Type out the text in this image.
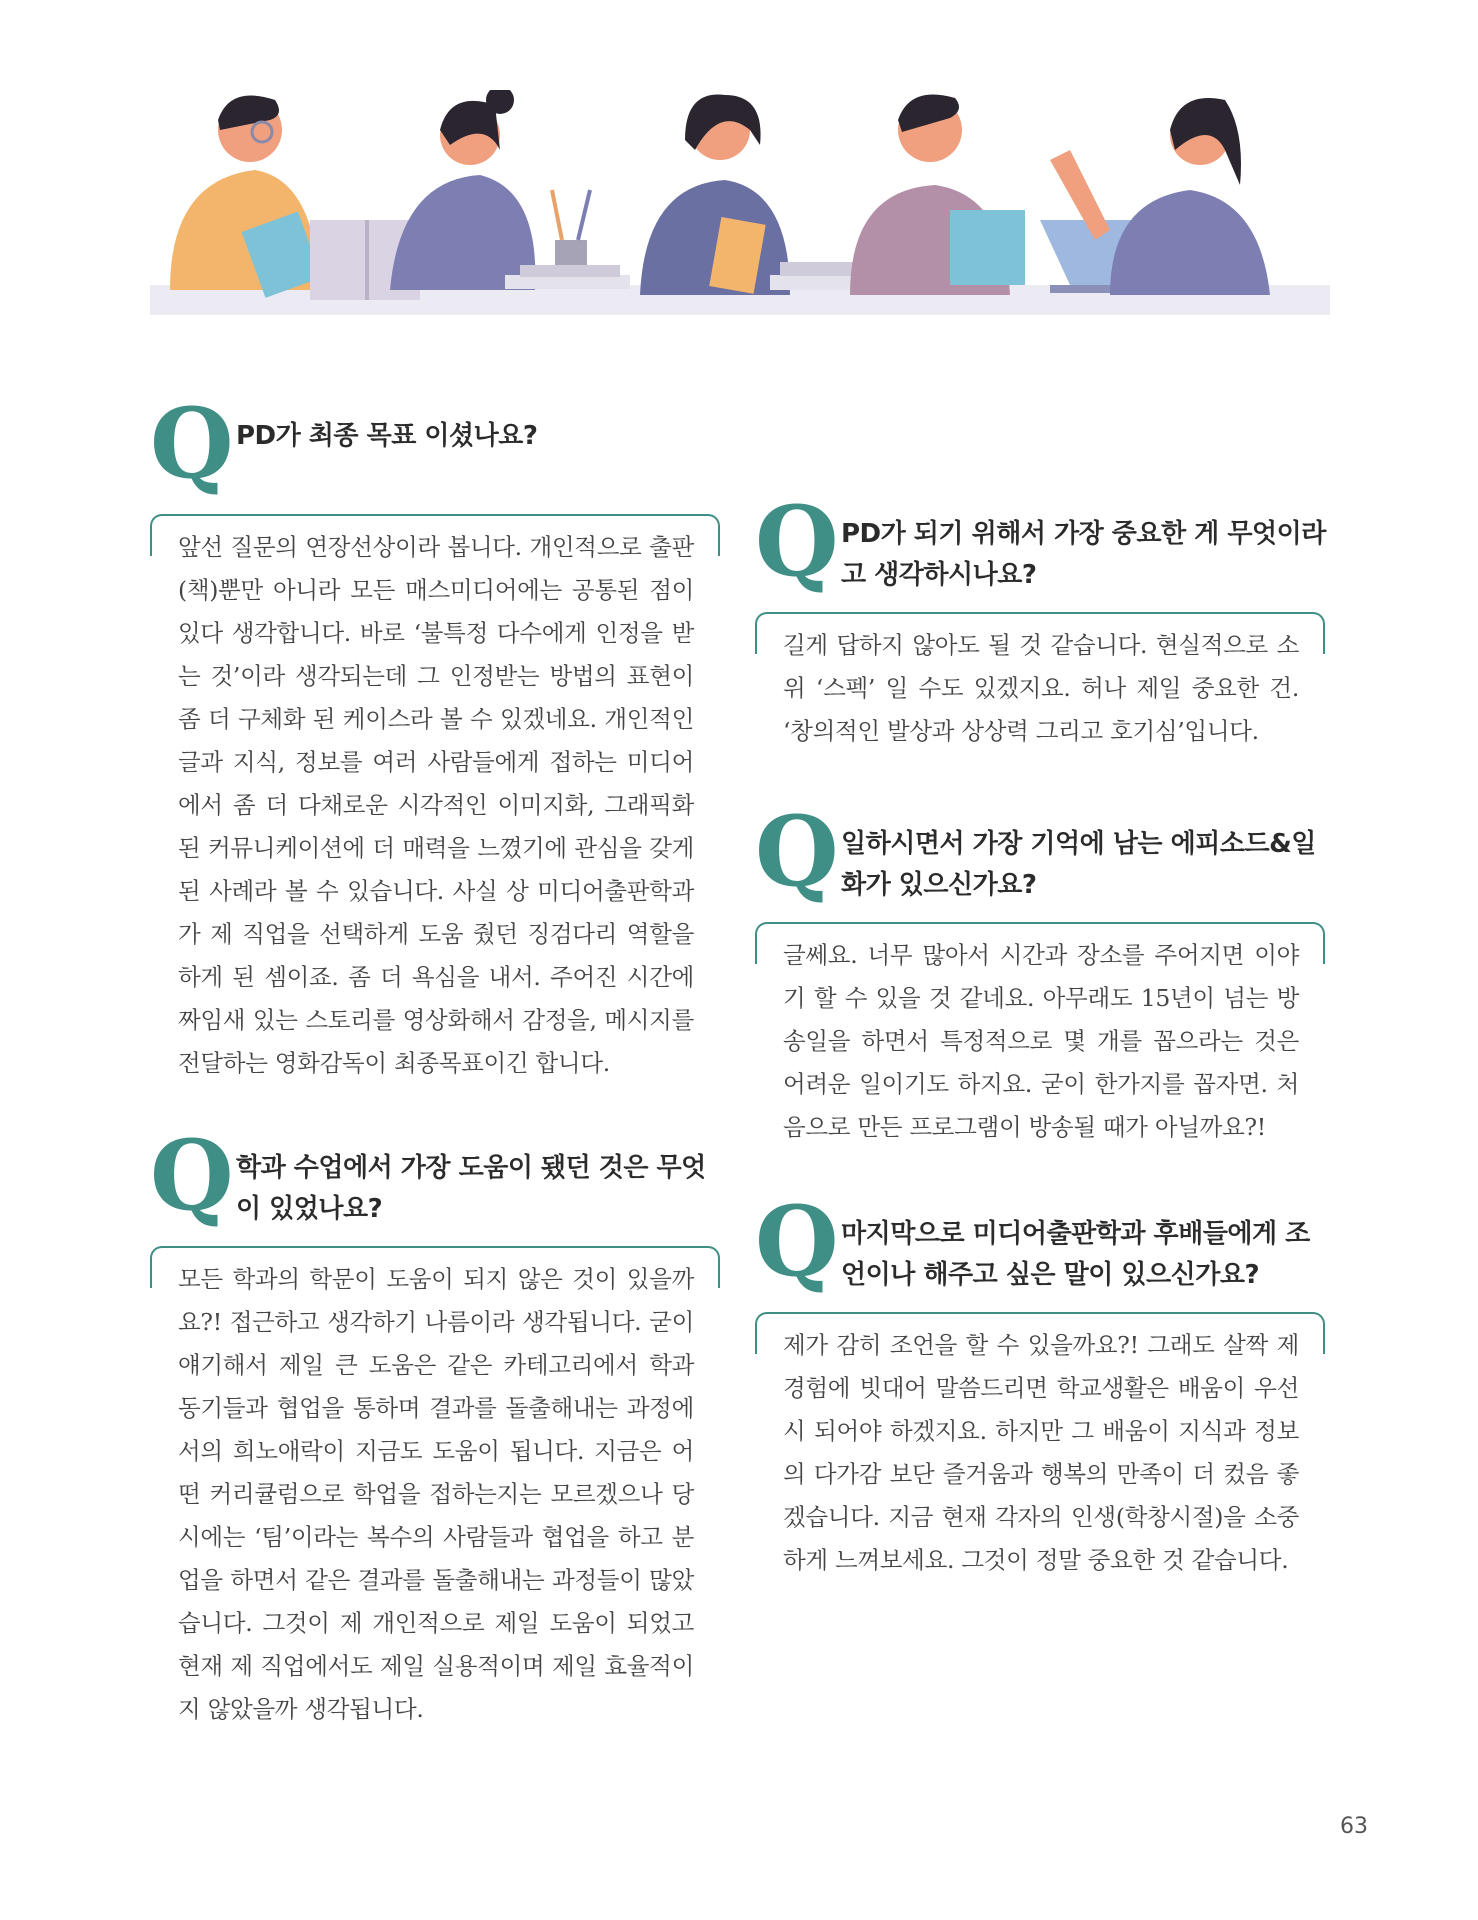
Q PD가 최종 목표 이셨나요?
앞선 질문의 연장선상이라 봅니다. 개인적으로 출판(책)뿐만 아니라 모든 매스미디어에는 공통된 점이 있다 생각합니다. 바로 ‘불특정 다수에게 인정을 받는 것’이라 생각되는데 그 인정받는 방법의 표현이 좀 더 구체화 된 케이스라 볼 수 있겠네요. 개인적인 글과 지식, 정보를 여러 사람들에게 접하는 미디어에서 좀 더 다채로운 시각적인 이미지화, 그래픽화 된 커뮤니케이션에 더 매력을 느꼈기에 관심을 갖게 된 사례라 볼 수 있습니다. 사실 상 미디어출판학과가 제 직업을 선택하게 도움 줬던 징검다리 역할을 하게 된 셈이죠. 좀 더 욕심을 내서. 주어진 시간에 짜임새 있는 스토리를 영상화해서 감정을, 메시지를 전달하는 영화감독이 최종목표이긴 합니다.
Q 학과 수업에서 가장 도움이 됐던 것은 무엇이 있었나요?
모든 학과의 학문이 도움이 되지 않은 것이 있을까요?! 접근하고 생각하기 나름이라 생각됩니다. 굳이 얘기해서 제일 큰 도움은 같은 카테고리에서 학과 동기들과 협업을 통하며 결과를 돌출해내는 과정에서의 희노애락이 지금도 도움이 됩니다. 지금은 어떤 커리큘럼으로 학업을 접하는지는 모르겠으나 당시에는 ‘팀’이라는 복수의 사람들과 협업을 하고 분업을 하면서 같은 결과를 돌출해내는 과정들이 많았습니다. 그것이 제 개인적으로 제일 도움이 되었고 현재 제 직업에서도 제일 실용적이며 제일 효율적이지 않았을까 생각됩니다.
Q PD가 되기 위해서 가장 중요한 게 무엇이라고 생각하시나요?
길게 답하지 않아도 될 것 같습니다. 현실적으로 소위 ‘스펙’ 일 수도 있겠지요. 허나 제일 중요한 건. ‘창의적인 발상과 상상력 그리고 호기심’입니다.
Q 일하시면서 가장 기억에 남는 에피소드&일화가 있으신가요?
글쎄요. 너무 많아서 시간과 장소를 주어지면 이야기 할 수 있을 것 같네요. 아무래도 15년이 넘는 방송일을 하면서 특정적으로 몇 개를 꼽으라는 것은 어려운 일이기도 하지요. 굳이 한가지를 꼽자면. 처음으로 만든 프로그램이 방송될 때가 아닐까요?!
Q 마지막으로 미디어출판학과 후배들에게 조언이나 해주고 싶은 말이 있으신가요?
제가 감히 조언을 할 수 있을까요?! 그래도 살짝 제 경험에 빗대어 말씀드리면 학교생활은 배움이 우선시 되어야 하겠지요. 하지만 그 배움이 지식과 정보의 다가감 보단 즐거움과 행복의 만족이 더 컸음 좋겠습니다. 지금 현재 각자의 인생(학창시절)을 소중하게 느껴보세요. 그것이 정말 중요한 것 같습니다.
63
